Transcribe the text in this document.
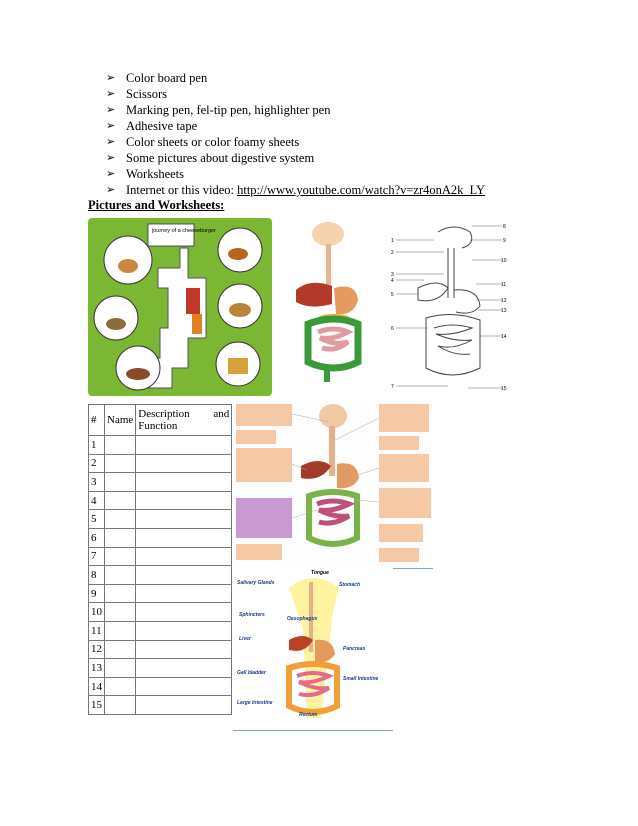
➢ Color board pen
➢ Scissors
➢ Marking pen, fel-tip pen, highlighter pen
➢ Adhesive tape
➢ Color sheets or color foamy sheets
➢ Some pictures about digestive system
➢ Worksheets
➢ Internet or this video: http://www.youtube.com/watch?v=zr4onA2k_LY
Pictures and Worksheets:
journey of a cheeseburger
1
2
3
4
5
6
7
8
9
10
11
12
13
14
15
#	Name	Description and
Function

1		
2		
3		
4		
5		
6		
7		
8		
9		
10		
11		
12		
13		
14		
15		
Tongue
Salivary Glands	Stomach
Sphincters
Oesophagus
Liver
Pancreas
Gall bladder
Small Intestine
Large Intestine
Rectum
